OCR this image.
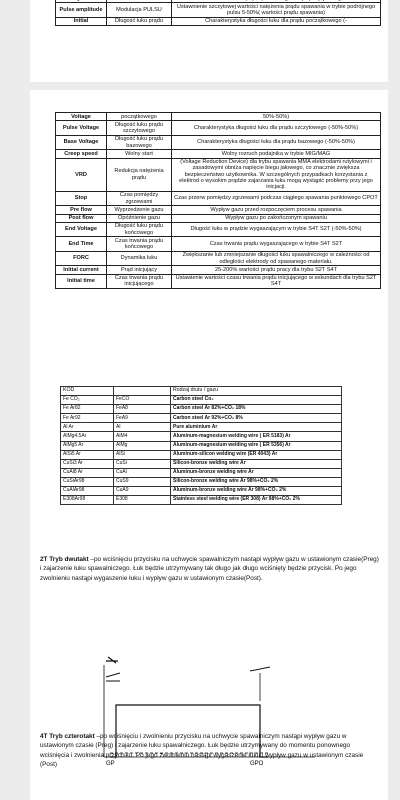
Pulse amplitude	Modulacja PULSU	Ustawnienie szczytowej wartości natężenia prądu spawania w trybie podrójnego pulsu 5-50%( wartości prądu spawania)
Initial	Długość łuku prądu	Charakterystyka długości łuku dla prądu początkowego (-
Voltage	początkowego	50%-50%)
Pulse Voltage	Długość łuku prądu szczytowego	Charakterystyka długości łuku dla prądu szczytowego (-50%-50%)
Base Voltage	Długość łuku prądu bazowego	Charakterystyka długości łuku dla prądu bazowego (-50%-50%)
Creep speed	Wolny start	Wolny rozruch podajnika w trybie MIG/MAG
VRD	Redukcja natężenia prądu	(Voltage Reduction Device) dla trybu spawania MMA elektrodami rutylowymi i zasadowymi obniża napięcie biegu jałowego, co znacznie zwiększa bezpieczeństwo użytkownika. W szczególnych przypadkach korzystania z elektrod o wysokim prądzie zajarzania łuku mogą wystąpić problemy przy jego inicjacji.
Stop	Czas pomiędzy zgrzewami	Czas przerw pomiędzy zgrzewami podczas ciągłego spawania punktowego CPOT
Pre flow	Wyprzedzenie gazu	Wypływ gazu przed rozpoczęciem procesu spawania
Post flow	Opóźnienie gazu	Wypływ gazu po zakończonym spawaniu
End Voltage	Długość łuku prądu końcowego	Długość łuku w prądzie wygaszającym w trybie S4T S2T (-50%-50%)
End Time	Czas trwania prądu końcowego	Czas trwania prądu wygaszającego w trybie S4T S2T
FORC	Dynamika łuku	Zwiększanie lub zmniejszanie długości łuku spawalniczego w zależności od odległości elektrody od spawanego materiału.
Initial current	Prąd inicjujący	25-200% wartości prądu pracy dla trybu S2T S4T
Initial time	Czas trwania prądu inicjującego	Ustawienie wartości czasu trwania prądu inicjującego w sekundach dla trybu S2T S4T
KOD		Rodzaj drutu / gazu
Fe CO₂	FeCO	Carbon steel Co₂
Fe Ar82	FeA8	Carbon steel Ar 82%+CO₂ 18%
Fe Ar92	FeA9	Carbon steel Ar 92%+CO₂ 8%
Al Ar	Al	Pure aluminium Ar
AlMg4.5Ar	AlM4	Aluminum-magnesium welding wire ( ER 5183) Ar
AlMg5 Ar	AlMg	Aluminum-magnesium welding wire ( ER 5356) Ar
AlSi5 Ar	AlSi	Aluminum-silicon welding wire (ER 4043) Ar
CuSi3 Ar	CuSi	Silicon-bronze welding wire Ar
CuAl8 Ar	CuAl	Aluminum-bronze welding wire Ar
CuSiAr98	CuS9	Silicon-bronze welding wire Ar 98%+CO₂ 2%
CuAlAr98	CuA9	Aluminum-bronze welding wire Ar 98%+CO₂ 2%
E308Ar98	E308	Stainless steel welding wire (ER 308) Ar 98%+CO₂ 2%

2T Tryb dwutakt –po wciśnięciu przycisku na uchwycie spawalniczym nastąpi wypływ gazu w ustawionym czasie(Preg) i zajarzenie łuku spawalniczego. Łuk będzie utrzymywany tak długo jak długo wciśnięty będzie przycisk. Po jego zwolnieniu nastąpi wygaszenie łuku i wypływ gazu w ustawionym czasie(Post).

GP	GPO

4T Tryb czterotakt –po wciśnięciu i zwolnieniu przycisku na uchwycie spawalniczym nastąpi wypływ gazu w ustawionym czasie (Preg) i zajarzenie łuku spawalniczego. Łuk będzie utrzymywany do momentu ponownego wciśnięcia i zwolnienia przycisku. Po jego zwolnieniu nastąpi wygaszenie łuku i wypływ gazu w ustawionym czasie (Post)
